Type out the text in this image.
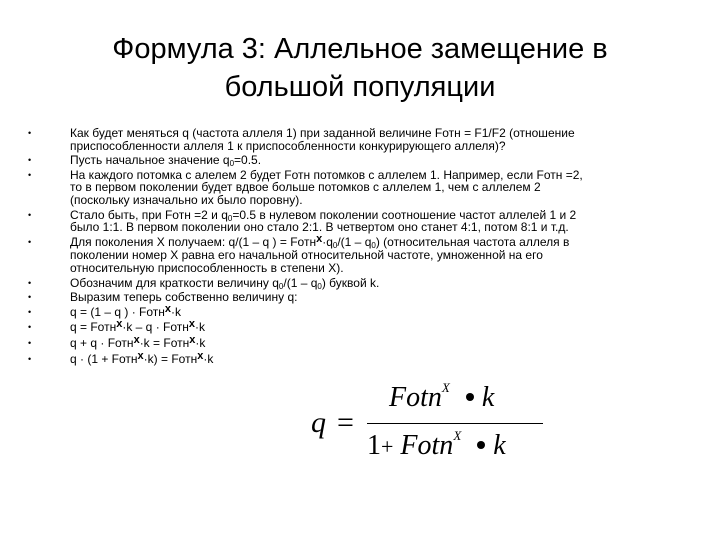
Формула 3: Аллельное замещение в
большой популяции
•	Как будет меняться q (частота аллеля 1) при заданной величине Fотн = F1/F2 (отношение
приспособленности аллеля 1 к приспособленности конкурирующего аллеля)?
•	Пусть начальное значение $q_0=0.5$.
•	На каждого потомка с алелем 2 будет Fотн потомков с аллелем 1. Например, если Fотн =2,
то в первом поколении будет вдвое больше потомков с аллелем 1, чем с аллелем 2
(поскольку изначально их было поровну).
•	Стало быть, при Fотн =2 и $q_0=0.5$ в нулевом поколении соотношение частот аллелей 1 и 2
было 1:1. В первом поколении оно стало 2:1. В четвертом оно станет 4:1, потом 8:1 и т.д.
•	Для поколения X получаем: q/(1 – q ) = $Fотнx\cdot q_0/(1 - q_0)$ (относительная частота аллеля в
поколении номер X равна его начальной относительной частоте, умноженной на его
относительную приспособленность в степени X).
•	Обозначим для краткости величину $q_0/(1 - q_0)$ буквой k.
•	Выразим теперь собственно величину q:
•	q = (1 – q ) · Fотнx·k
•	q = Fотнx·k – q · Fотнx·k
•	q + q · Fотнx·k = Fотнx·k
•	q · (1 + Fотнx·k) = Fотнx·k
q =
Fotn$^X$ k
1+ Fotn$^X$ k
